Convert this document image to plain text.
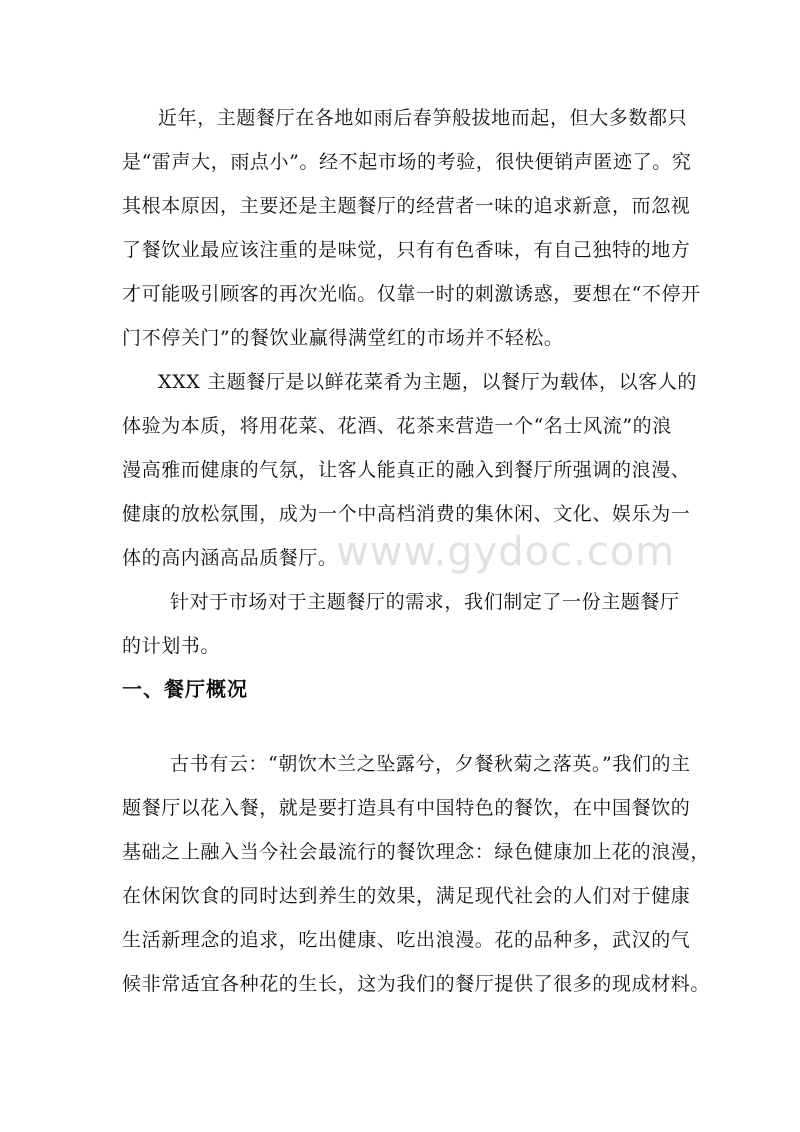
近年，主题餐厅在各地如雨后春笋般拔地而起，但大多数都只
是“雷声大，雨点小”。经不起市场的考验，很快便销声匿迹了。究
其根本原因，主要还是主题餐厅的经营者一味的追求新意，而忽视
了餐饮业最应该注重的是味觉，只有有色香味，有自己独特的地方
才可能吸引顾客的再次光临。仅靠一时的刺激诱惑，要想在“不停开
门不停关门”的餐饮业赢得满堂红的市场并不轻松。
XXX 主题餐厅是以鲜花菜肴为主题，以餐厅为载体，以客人的
体验为本质，将用花菜、花酒、花茶来营造一个“名士风流”的浪
漫高雅而健康的气氛，让客人能真正的融入到餐厅所强调的浪漫、
健康的放松氛围，成为一个中高档消费的集休闲、文化、娱乐为一
体的高内涵高品质餐厅。
www.gydoc.com
针对于市场对于主题餐厅的需求，我们制定了一份主题餐厅
的计划书。
一、餐厅概况
古书有云：“朝饮木兰之坠露兮，夕餐秋菊之落英。”我们的主
题餐厅以花入餐，就是要打造具有中国特色的餐饮，在中国餐饮的
基础之上融入当今社会最流行的餐饮理念：绿色健康加上花的浪漫，
在休闲饮食的同时达到养生的效果，满足现代社会的人们对于健康
生活新理念的追求，吃出健康、吃出浪漫。花的品种多，武汉的气
候非常适宜各种花的生长，这为我们的餐厅提供了很多的现成材料。
